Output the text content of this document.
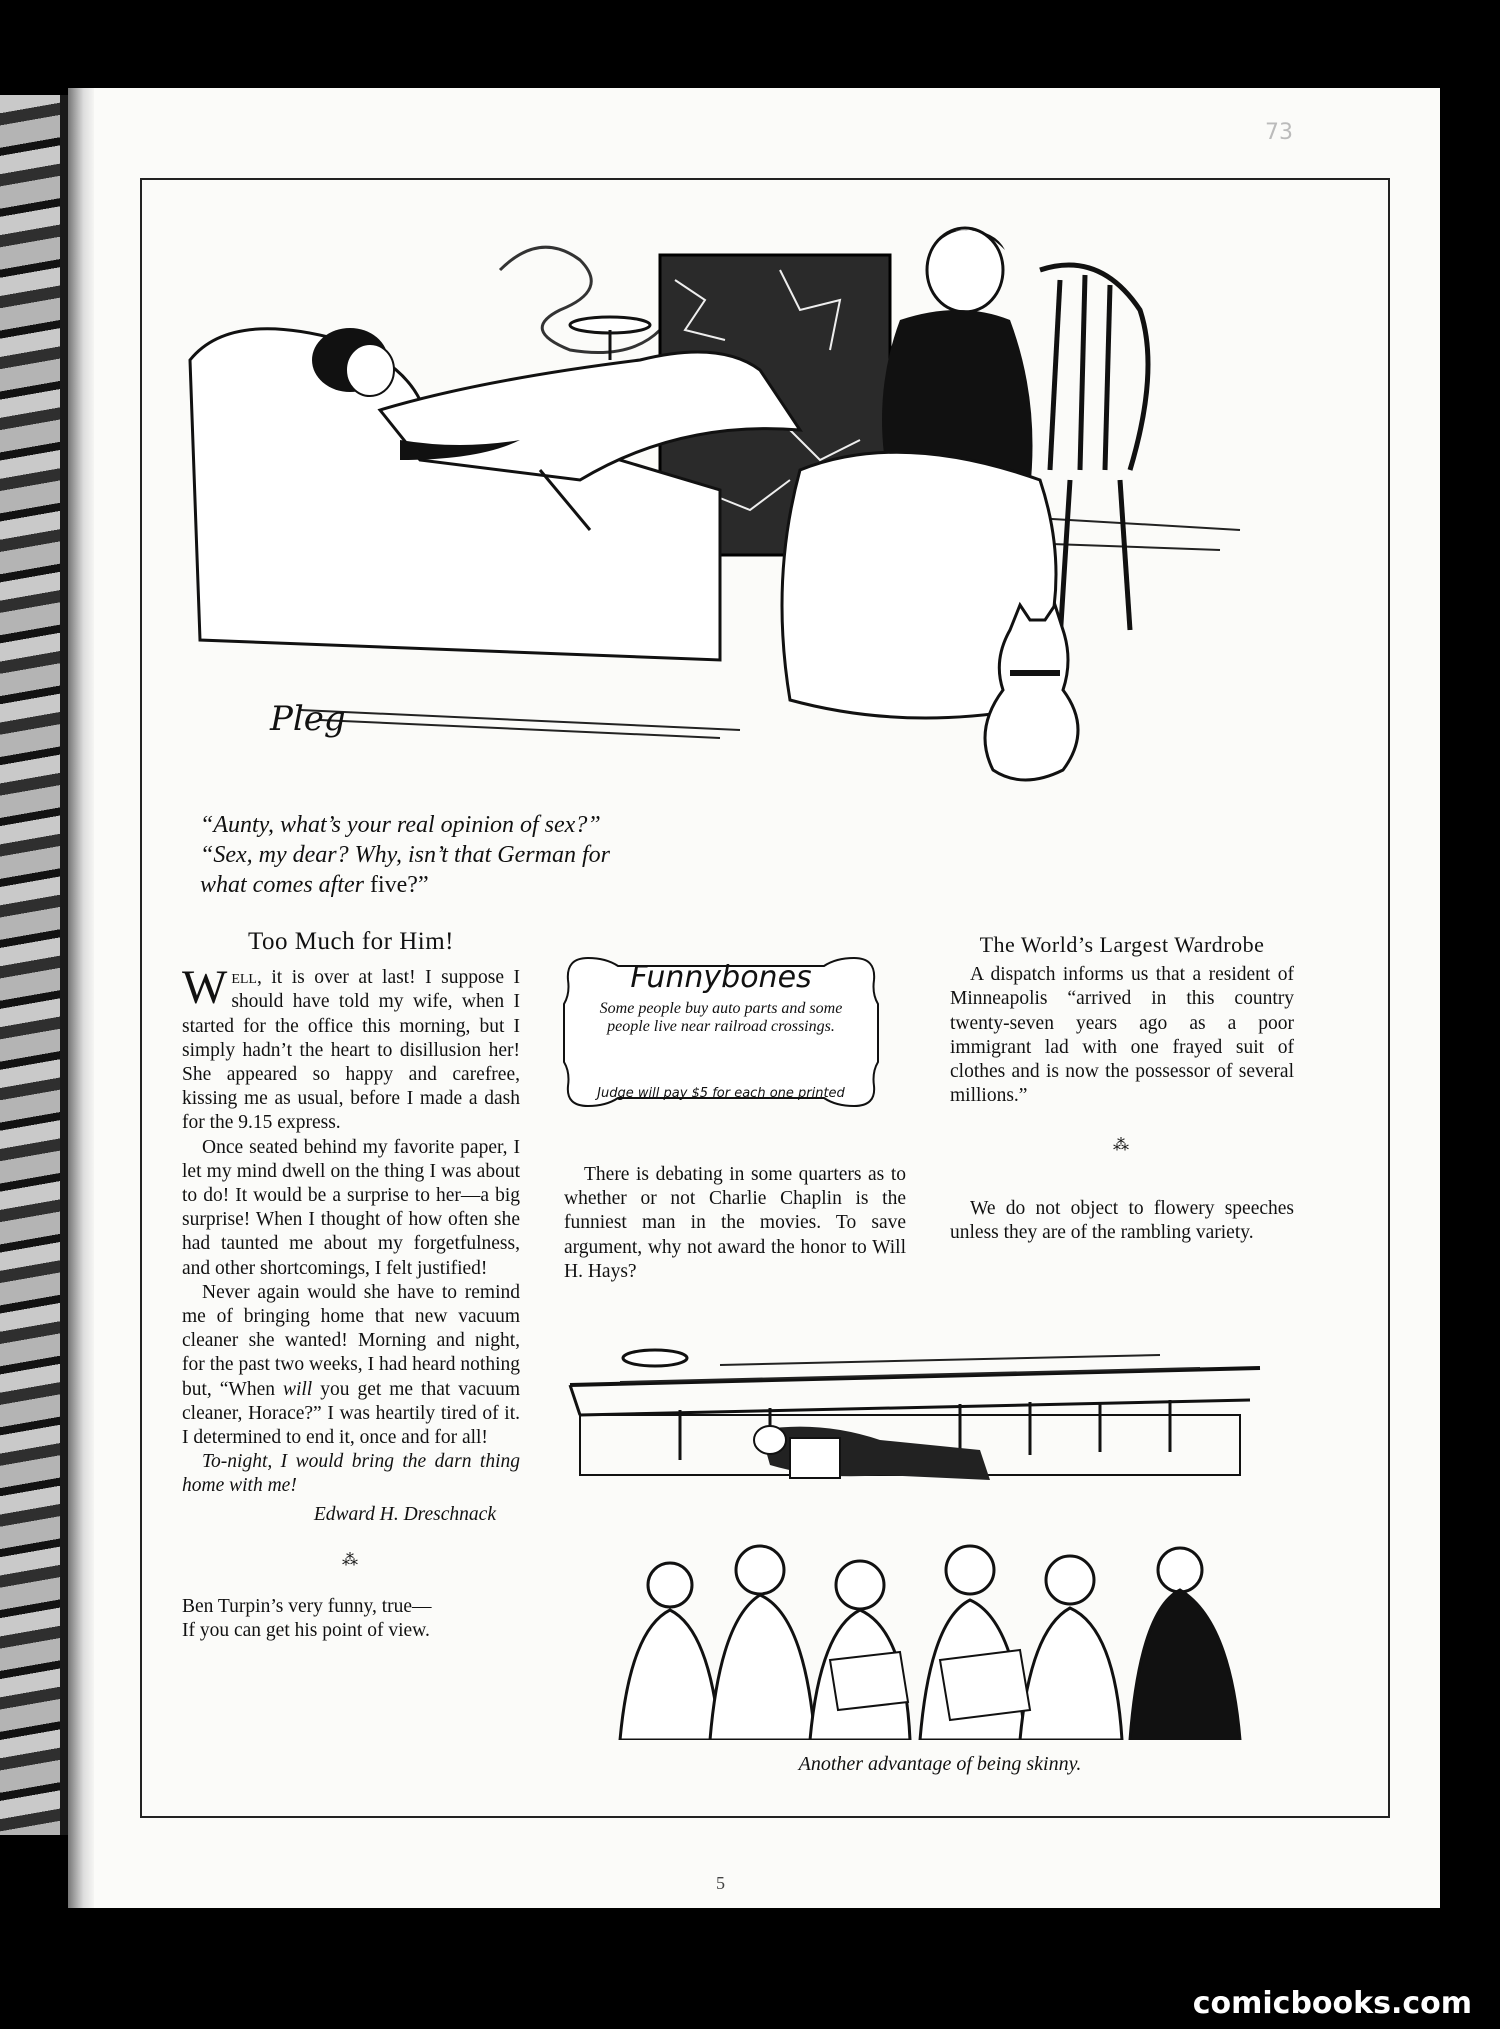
73
Pleg

“Aunty, what’s your real opinion of sex?”

“Sex, my dear? Why, isn’t that German for

what comes after five?”

Too Much for Him!

Well, it is over at last! I suppose I should have told my wife, when I started for the office this morning, but I simply hadn’t the heart to disillusion her! She appeared so happy and carefree, kissing me as usual, before I made a dash for the 9.15 express.

Once seated behind my favorite paper, I let my mind dwell on the thing I was about to do! It would be a surprise to her—a big surprise! When I thought of how often she had taunted me about my forgetfulness, and other shortcomings, I felt justified!

Never again would she have to remind me of bringing home that new vacuum cleaner she wanted! Morning and night, for the past two weeks, I had heard nothing but, “When will you get me that vacuum cleaner, Horace?” I was heartily tired of it. I determined to end it, once and for all!

To-night, I would bring the darn thing home with me!

Edward H. Dreschnack

⁂

Ben Turpin’s very funny, true—

If you can get his point of view.

Funnybones
Some people buy auto parts and some people live near railroad crossings.
Judge will pay $5 for each one printed

There is debating in some quarters as to whether or not Charlie Chaplin is the funniest man in the movies. To save argument, why not award the honor to Will H. Hays?

The World’s Largest Wardrobe

A dispatch informs us that a resident of Minneapolis “arrived in this country twenty-seven years ago as a poor immigrant lad with one frayed suit of clothes and is now the possessor of several millions.”

⁂

We do not object to flowery speeches unless they are of the rambling variety.

Another advantage of being skinny.
5
comicbooks.com
